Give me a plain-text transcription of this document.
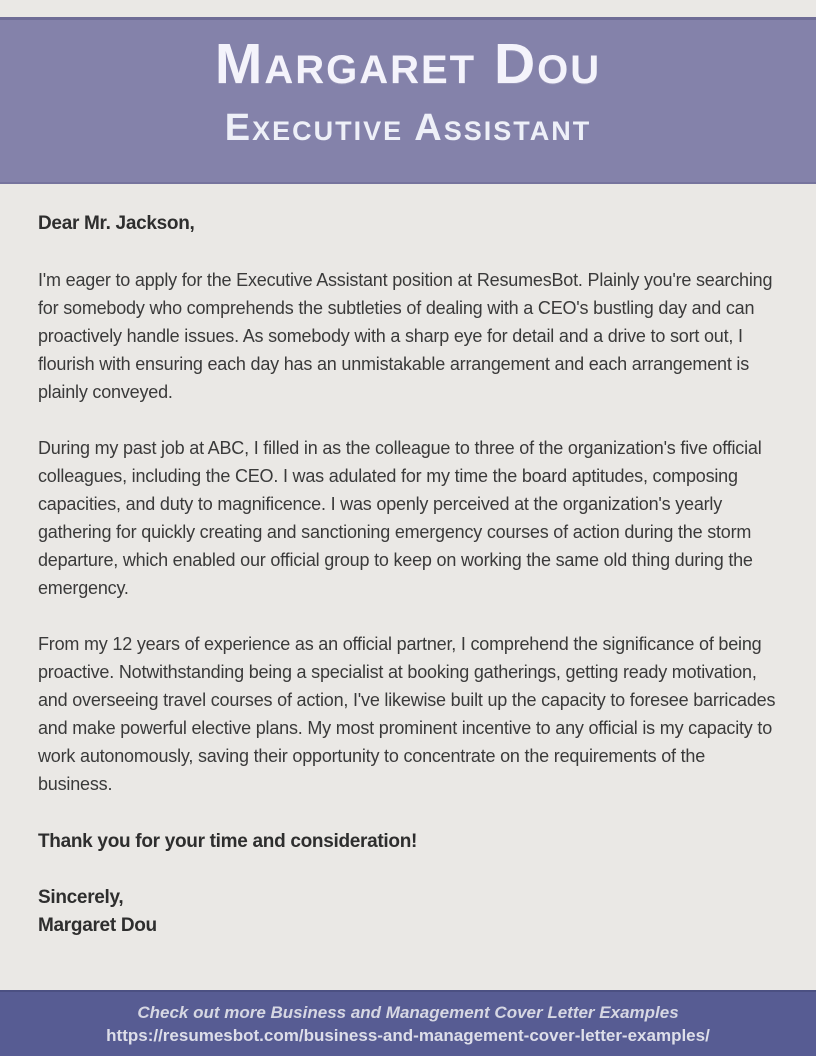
Margaret Dou
Executive Assistant

Dear Mr. Jackson,

I'm eager to apply for the Executive Assistant position at ResumesBot. Plainly you're searching for somebody who comprehends the subtleties of dealing with a CEO's bustling day and can proactively handle issues. As somebody with a sharp eye for detail and a drive to sort out, I flourish with ensuring each day has an unmistakable arrangement and each arrangement is plainly conveyed.

During my past job at ABC, I filled in as the colleague to three of the organization's five official colleagues, including the CEO. I was adulated for my time the board aptitudes, composing capacities, and duty to magnificence. I was openly perceived at the organization's yearly gathering for quickly creating and sanctioning emergency courses of action during the storm departure, which enabled our official group to keep on working the same old thing during the emergency.

From my 12 years of experience as an official partner, I comprehend the significance of being proactive. Notwithstanding being a specialist at booking gatherings, getting ready motivation, and overseeing travel courses of action, I've likewise built up the capacity to foresee barricades and make powerful elective plans. My most prominent incentive to any official is my capacity to work autonomously, saving their opportunity to concentrate on the requirements of the business.

Thank you for your time and consideration!

Sincerely,

Margaret Dou

Check out more Business and Management Cover Letter Examples

https://resumesbot.com/business-and-management-cover-letter-examples/
